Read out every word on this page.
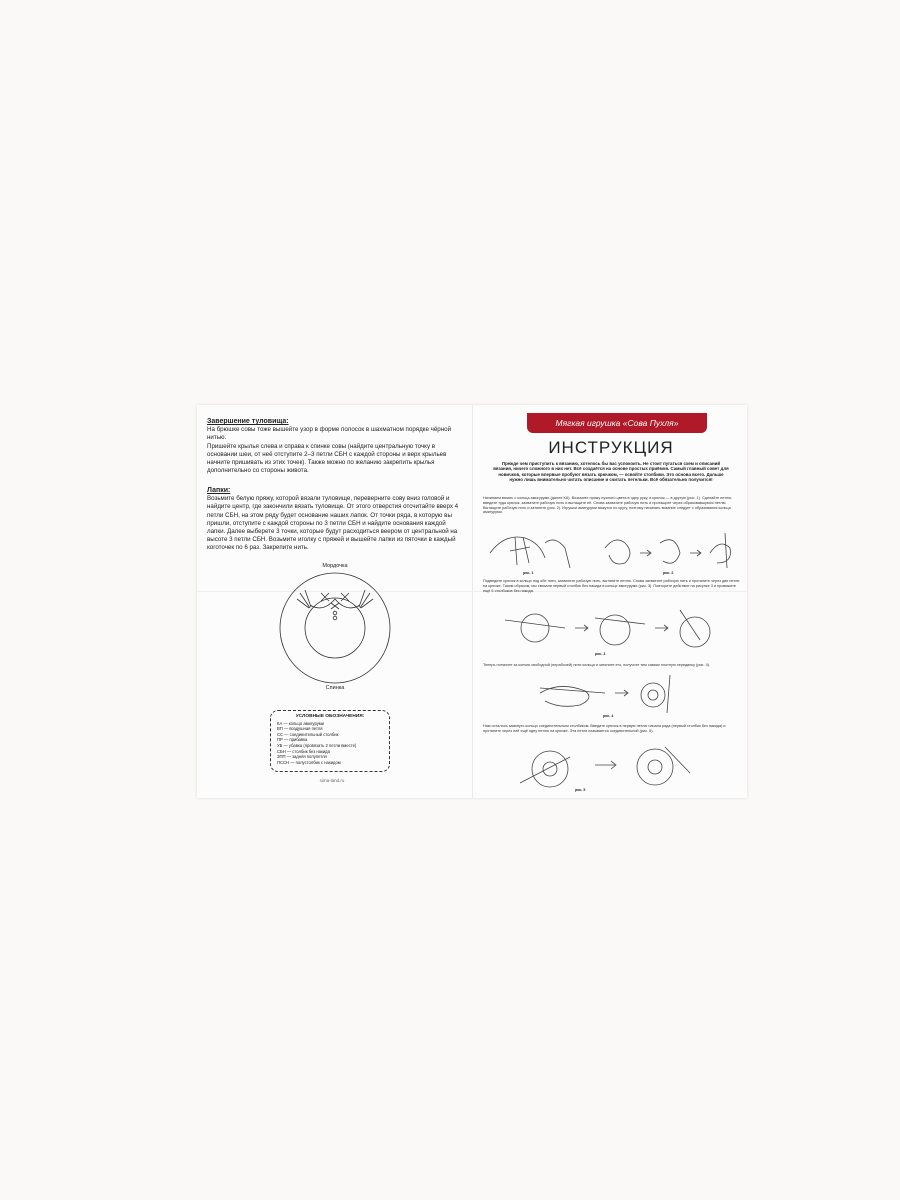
Завершение туловища:
На брюшке совы тоже вышейте узор в форме полосок в шахматном порядке чёрной нитью.
Пришейте крылья слева и справа к спинке совы (найдите центральную точку в основании шеи, от неё отступите 2–3 петли СБН с каждой стороны и верх крыльев начните пришивать из этих точек). Также можно по желанию закрепить крылья дополнительно со стороны живота.

Лапки:
Возьмите белую пряжу, которой вязали туловище, переверните сову вниз головой и найдите центр, где закончили вязать туловище. От этого отверстия отсчитайте вверх 4 петли СБН, на этом ряду будет основание наших лапок. От точки ряда, в которую вы пришли, отступите с каждой стороны по 3 петли СБН и найдите основания каждой лапки. Далее выберете 3 точки, которые будут расходиться веером от центральной на высоте 3 петли СБН. Возьмите иголку с пряжей и вышейте лапки из пяточки в каждый коготочек по 6 раз. Закрепите нить.

Мордочка
Спинка
УСЛОВНЫЕ ОБОЗНАЧЕНИЯ:
КА — кольцо амигуруми
ВП — воздушная петля
СС — соединительный столбик
ПР — прибавка
УБ — убавка (провязать 2 петли вместе)
СБН — столбик без накида
ЗПП — задняя полупетля
ПССН — полустолбик с накидом
sima-land.ru
Мягкая игрушка «Сова Пухля»
ИНСТРУКЦИЯ
Прежде чем приступить к вязанию, хотелось бы вас успокоить. Не стоит пугаться схем и описаний вязания, ничего сложного в них нет. Всё создаётся на основе простых приёмов. Самый главный совет для новичков, которые впервые пробуют вязать крючком, — освойте столбики. Это основа всего. Дальше нужно лишь внимательно читать описание и считать петельки. Всё обязательно получится!
Начинаем вязать с кольца амигуруми (далее КА). Возьмите пряжу нужного цвета в одну руку, а крючок — в другую (рис. 1). Сделайте петлю, введите туда крючок, захватите рабочую нить и вытащите её. Снова захватите рабочую нить и протащите через образовавшуюся петлю. Вытащите рабочую нить и затяните (рис. 2). Игрушки амигуруми вяжутся по кругу, поэтому начинать вязание следует с образования кольца амигуруми.
рис. 1	рис. 2
Подведите крючок в кольцо под обе нити, захватите рабочую нить, вытяните петлю. Снова захватите рабочую нить и протяните через две петли на крючке. Таким образом, мы связали первый столбик без накида в кольце амигуруми (рис. 3). Повторите действие на рисунке 3 и провяжите ещё 5 столбиков без накида.
рис. 3
Теперь потяните за кончик свободной (нерабочей) нити кольца и затяните его, получите тем самым плотную серединку (рис. 4).
рис. 4
Нам осталось замкнуть кольцо соединительным столбиком. Введите крючок в первую петлю начала ряда (первый столбик без накида) и протяните через неё ещё одну петлю на крючке. Эта петля называется соединительной (рис. 5).
рис. 5
